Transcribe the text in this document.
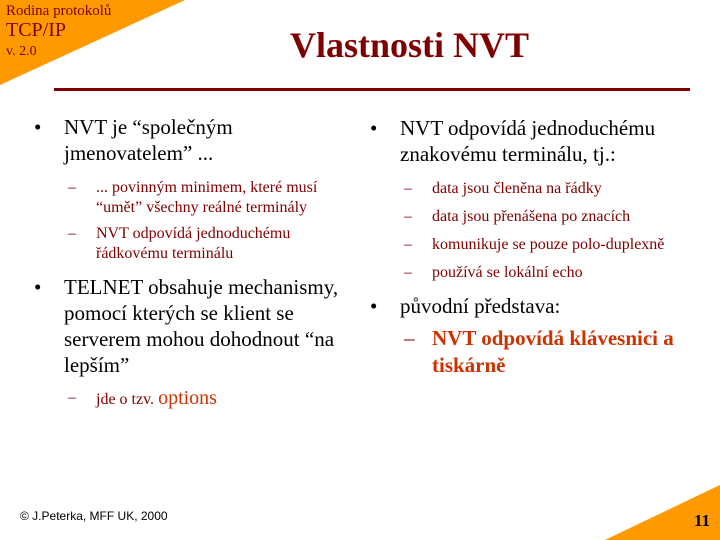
Rodina protokolů
TCP/IP
v. 2.0	Vlastnosti NVT
• NVT je “společným jmenovatelem” ...
– ... povinným minimem, které musí “umět” všechny reálné terminály
– NVT odpovídá jednoduchému řádkovému terminálu
• TELNET obsahuje mechanismy, pomocí kterých se klient se serverem mohou dohodnout “na lepším”
– jde o tzv. options
• NVT odpovídá jednoduchému znakovému terminálu, tj.:
– data jsou členěna na řádky
– data jsou přenášena po znacích
– komunikuje se pouze polo-duplexně
– používá se lokální echo
• původní představa:
– NVT odpovídá klávesnici a tiskárně
© J.Peterka, MFF UK, 2000	11
